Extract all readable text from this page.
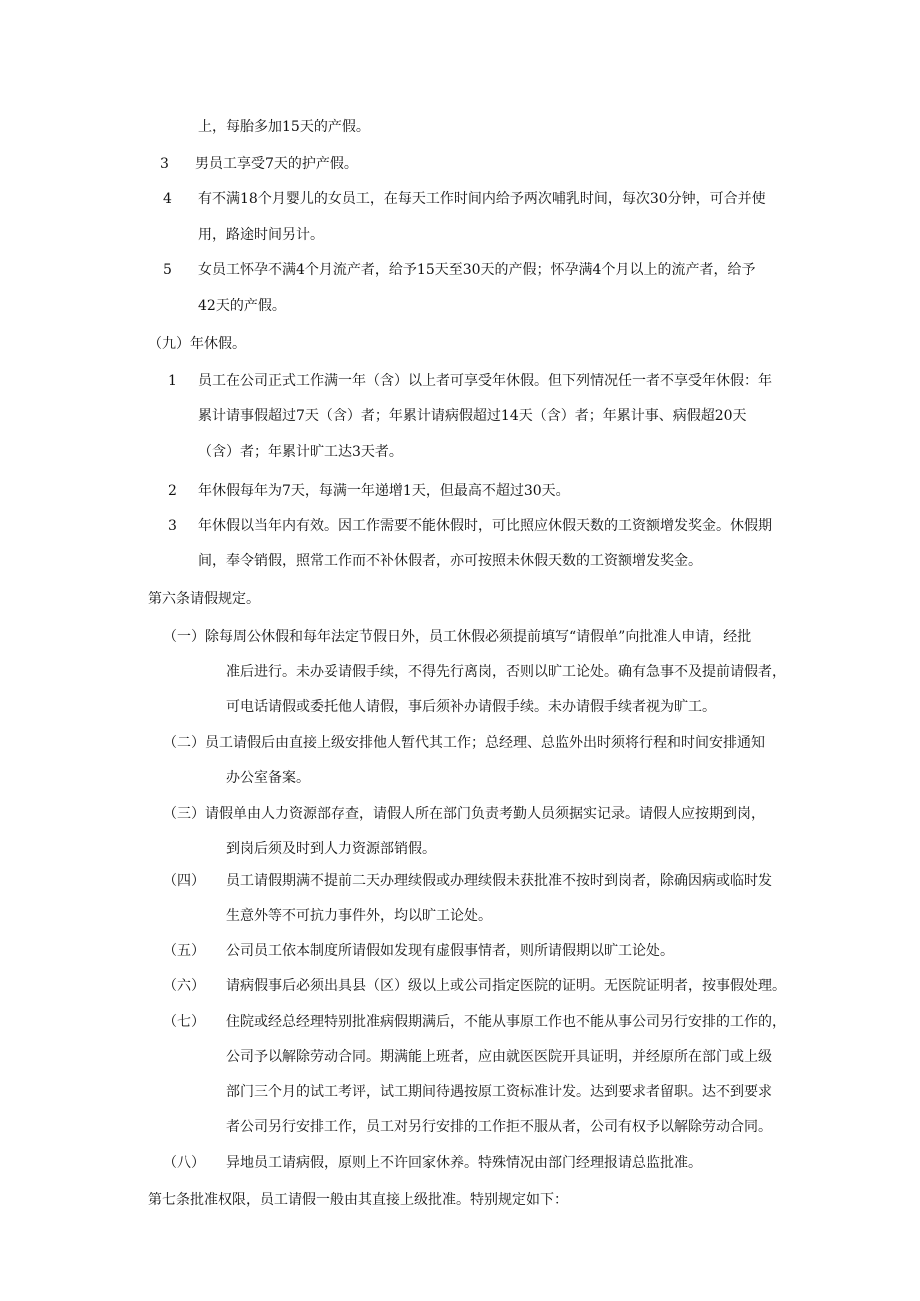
3
4
5
1
2
3
（四）
（五）
（六）
（七）
（八）
上，每胎多加15天的产假。
男员工享受7天的护产假。
有不满18个月婴儿的女员工，在每天工作时间内给予两次哺乳时间，每次30分钟，可合并使
用，路途时间另计。
女员工怀孕不满4个月流产者，给予15天至30天的产假；怀孕满4个月以上的流产者，给予
42天的产假。
（九）年休假。
员工在公司正式工作满一年（含）以上者可享受年休假。但下列情况任一者不享受年休假：年
累计请事假超过7天（含）者；年累计请病假超过14天（含）者；年累计事、病假超20天
（含）者；年累计旷工达3天者。
年休假每年为7天，每满一年递增1天，但最高不超过30天。
年休假以当年内有效。因工作需要不能休假时，可比照应休假天数的工资额增发奖金。休假期
间，奉令销假，照常工作而不补休假者，亦可按照未休假天数的工资额增发奖金。
第六条请假规定。
（一）除每周公休假和每年法定节假日外，员工休假必须提前填写“请假单”向批准人申请，经批
准后进行。未办妥请假手续，不得先行离岗，否则以旷工论处。确有急事不及提前请假者，
可电话请假或委托他人请假，事后须补办请假手续。未办请假手续者视为旷工。
（二）员工请假后由直接上级安排他人暂代其工作；总经理、总监外出时须将行程和时间安排通知
办公室备案。
（三）请假单由人力资源部存查，请假人所在部门负责考勤人员须据实记录。请假人应按期到岗，
到岗后须及时到人力资源部销假。
员工请假期满不提前二天办理续假或办理续假未获批准不按时到岗者，除确因病或临时发
生意外等不可抗力事件外，均以旷工论处。
公司员工依本制度所请假如发现有虚假事情者，则所请假期以旷工论处。
请病假事后必须出具县（区）级以上或公司指定医院的证明。无医院证明者，按事假处理。
住院或经总经理特别批准病假期满后，不能从事原工作也不能从事公司另行安排的工作的，
公司予以解除劳动合同。期满能上班者，应由就医医院开具证明，并经原所在部门或上级
部门三个月的试工考评，试工期间待遇按原工资标准计发。达到要求者留职。达不到要求
者公司另行安排工作，员工对另行安排的工作拒不服从者，公司有权予以解除劳动合同。
异地员工请病假，原则上不许回家休养。特殊情况由部门经理报请总监批准。
第七条批准权限，员工请假一般由其直接上级批准。特别规定如下：
